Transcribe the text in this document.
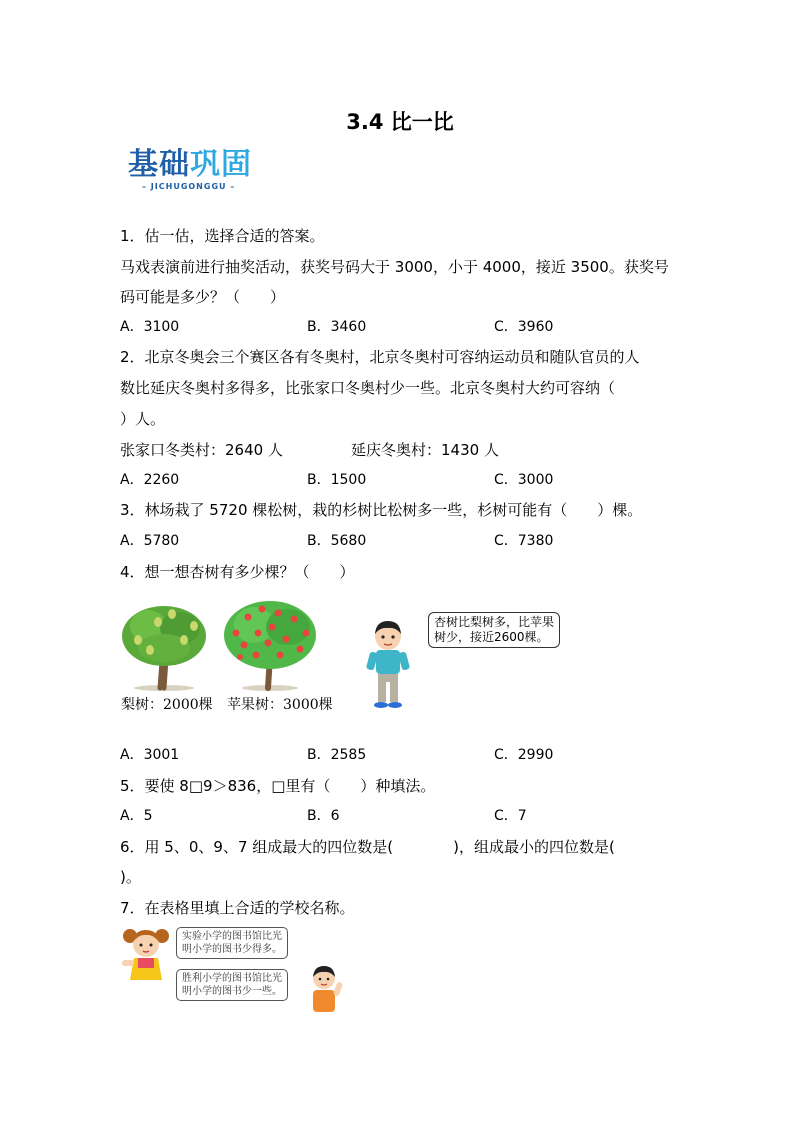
3.4 比一比
基础 巩固
– JICHUGONGGU –
1．估一估，选择合适的答案。
马戏表演前进行抽奖活动，获奖号码大于 3000，小于 4000，接近 3500。获奖号
码可能是多少？（　　）
A．3100	B．3460	C．3960
2．北京冬奥会三个赛区各有冬奥村，北京冬奥村可容纳运动员和随队官员的人
数比延庆冬奥村多得多，比张家口冬奥村少一些。北京冬奥村大约可容纳（
）人。
张家口冬类村：2640 人	延庆冬奥村：1430 人
A．2260	B．1500	C．3000
3．林场栽了 5720 棵松树，栽的杉树比松树多一些，杉树可能有（　　）棵。
A．5780	B．5680	C．7380
4．想一想杏树有多少棵？（　　）
梨树：2000棵 苹果树：3000棵
杏树比梨树多，比苹果
树少，接近2600棵。
A．3001	B．2585	C．2990
5．要使 8□9＞836，□里有（　　）种填法。
A．5	B．6	C．7
6．用 5、0、9、7 组成最大的四位数是(　　　　)，组成最小的四位数是(
)。
7．在表格里填上合适的学校名称。
实验小学的图书馆比光
明小学的图书少得多。
胜利小学的图书馆比光
明小学的图书少一些。
